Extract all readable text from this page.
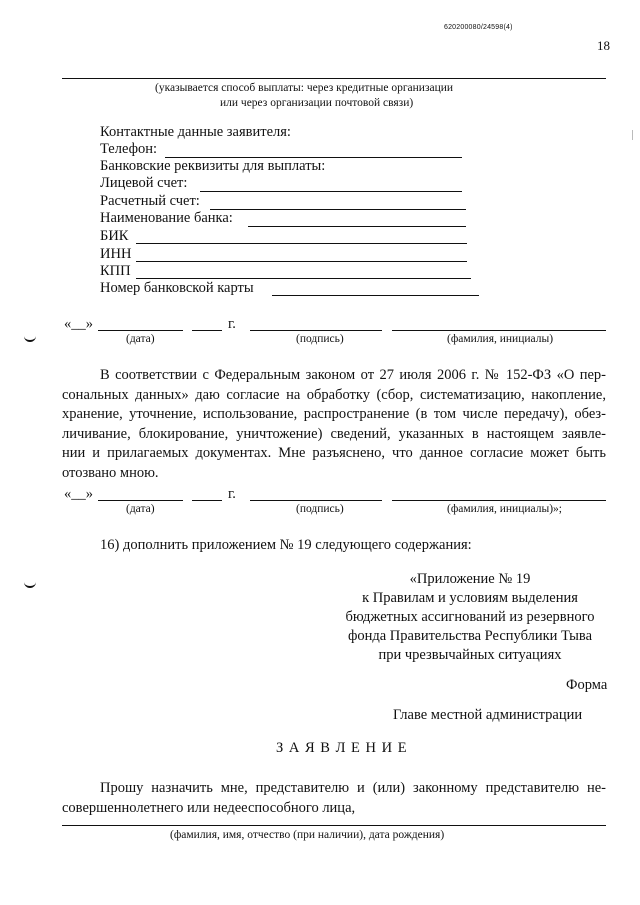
620200080/24598(4)
18
(указывается способ выплаты: через кредитные организации
или через организации почтовой связи)
Контактные данные заявителя:
Телефон:
Банковские реквизиты для выплаты:
Лицевой счет:
Расчетный счет:
Наименование банка:
БИК
ИНН
КПП
Номер банковской карты
«__»	г.
(дата)	(подпись)	(фамилия, инициалы)
В соответствии с Федеральным законом от 27 июля 2006 г. № 152-ФЗ «О пер-
сональных данных» даю согласие на обработку (сбор, систематизацию, накопление,
хранение, уточнение, использование, распространение (в том числе передачу), обез-
личивание, блокирование, уничтожение) сведений, указанных в настоящем заявле-
нии и прилагаемых документах. Мне разъяснено, что данное согласие может быть
отозвано мною.
«__»	г.
(дата)	(подпись)	(фамилия, инициалы)»;
16) дополнить приложением № 19 следующего содержания:
«Приложение № 19
к Правилам и условиям выделения
бюджетных ассигнований из резервного
фонда Правительства Республики Тыва
при чрезвычайных ситуациях
Форма
Главе местной администрации
З А Я В Л Е Н И Е
Прошу назначить мне, представителю и (или) законному представителю не-
совершеннолетнего или недееспособного лица,
(фамилия, имя, отчество (при наличии), дата рождения)
